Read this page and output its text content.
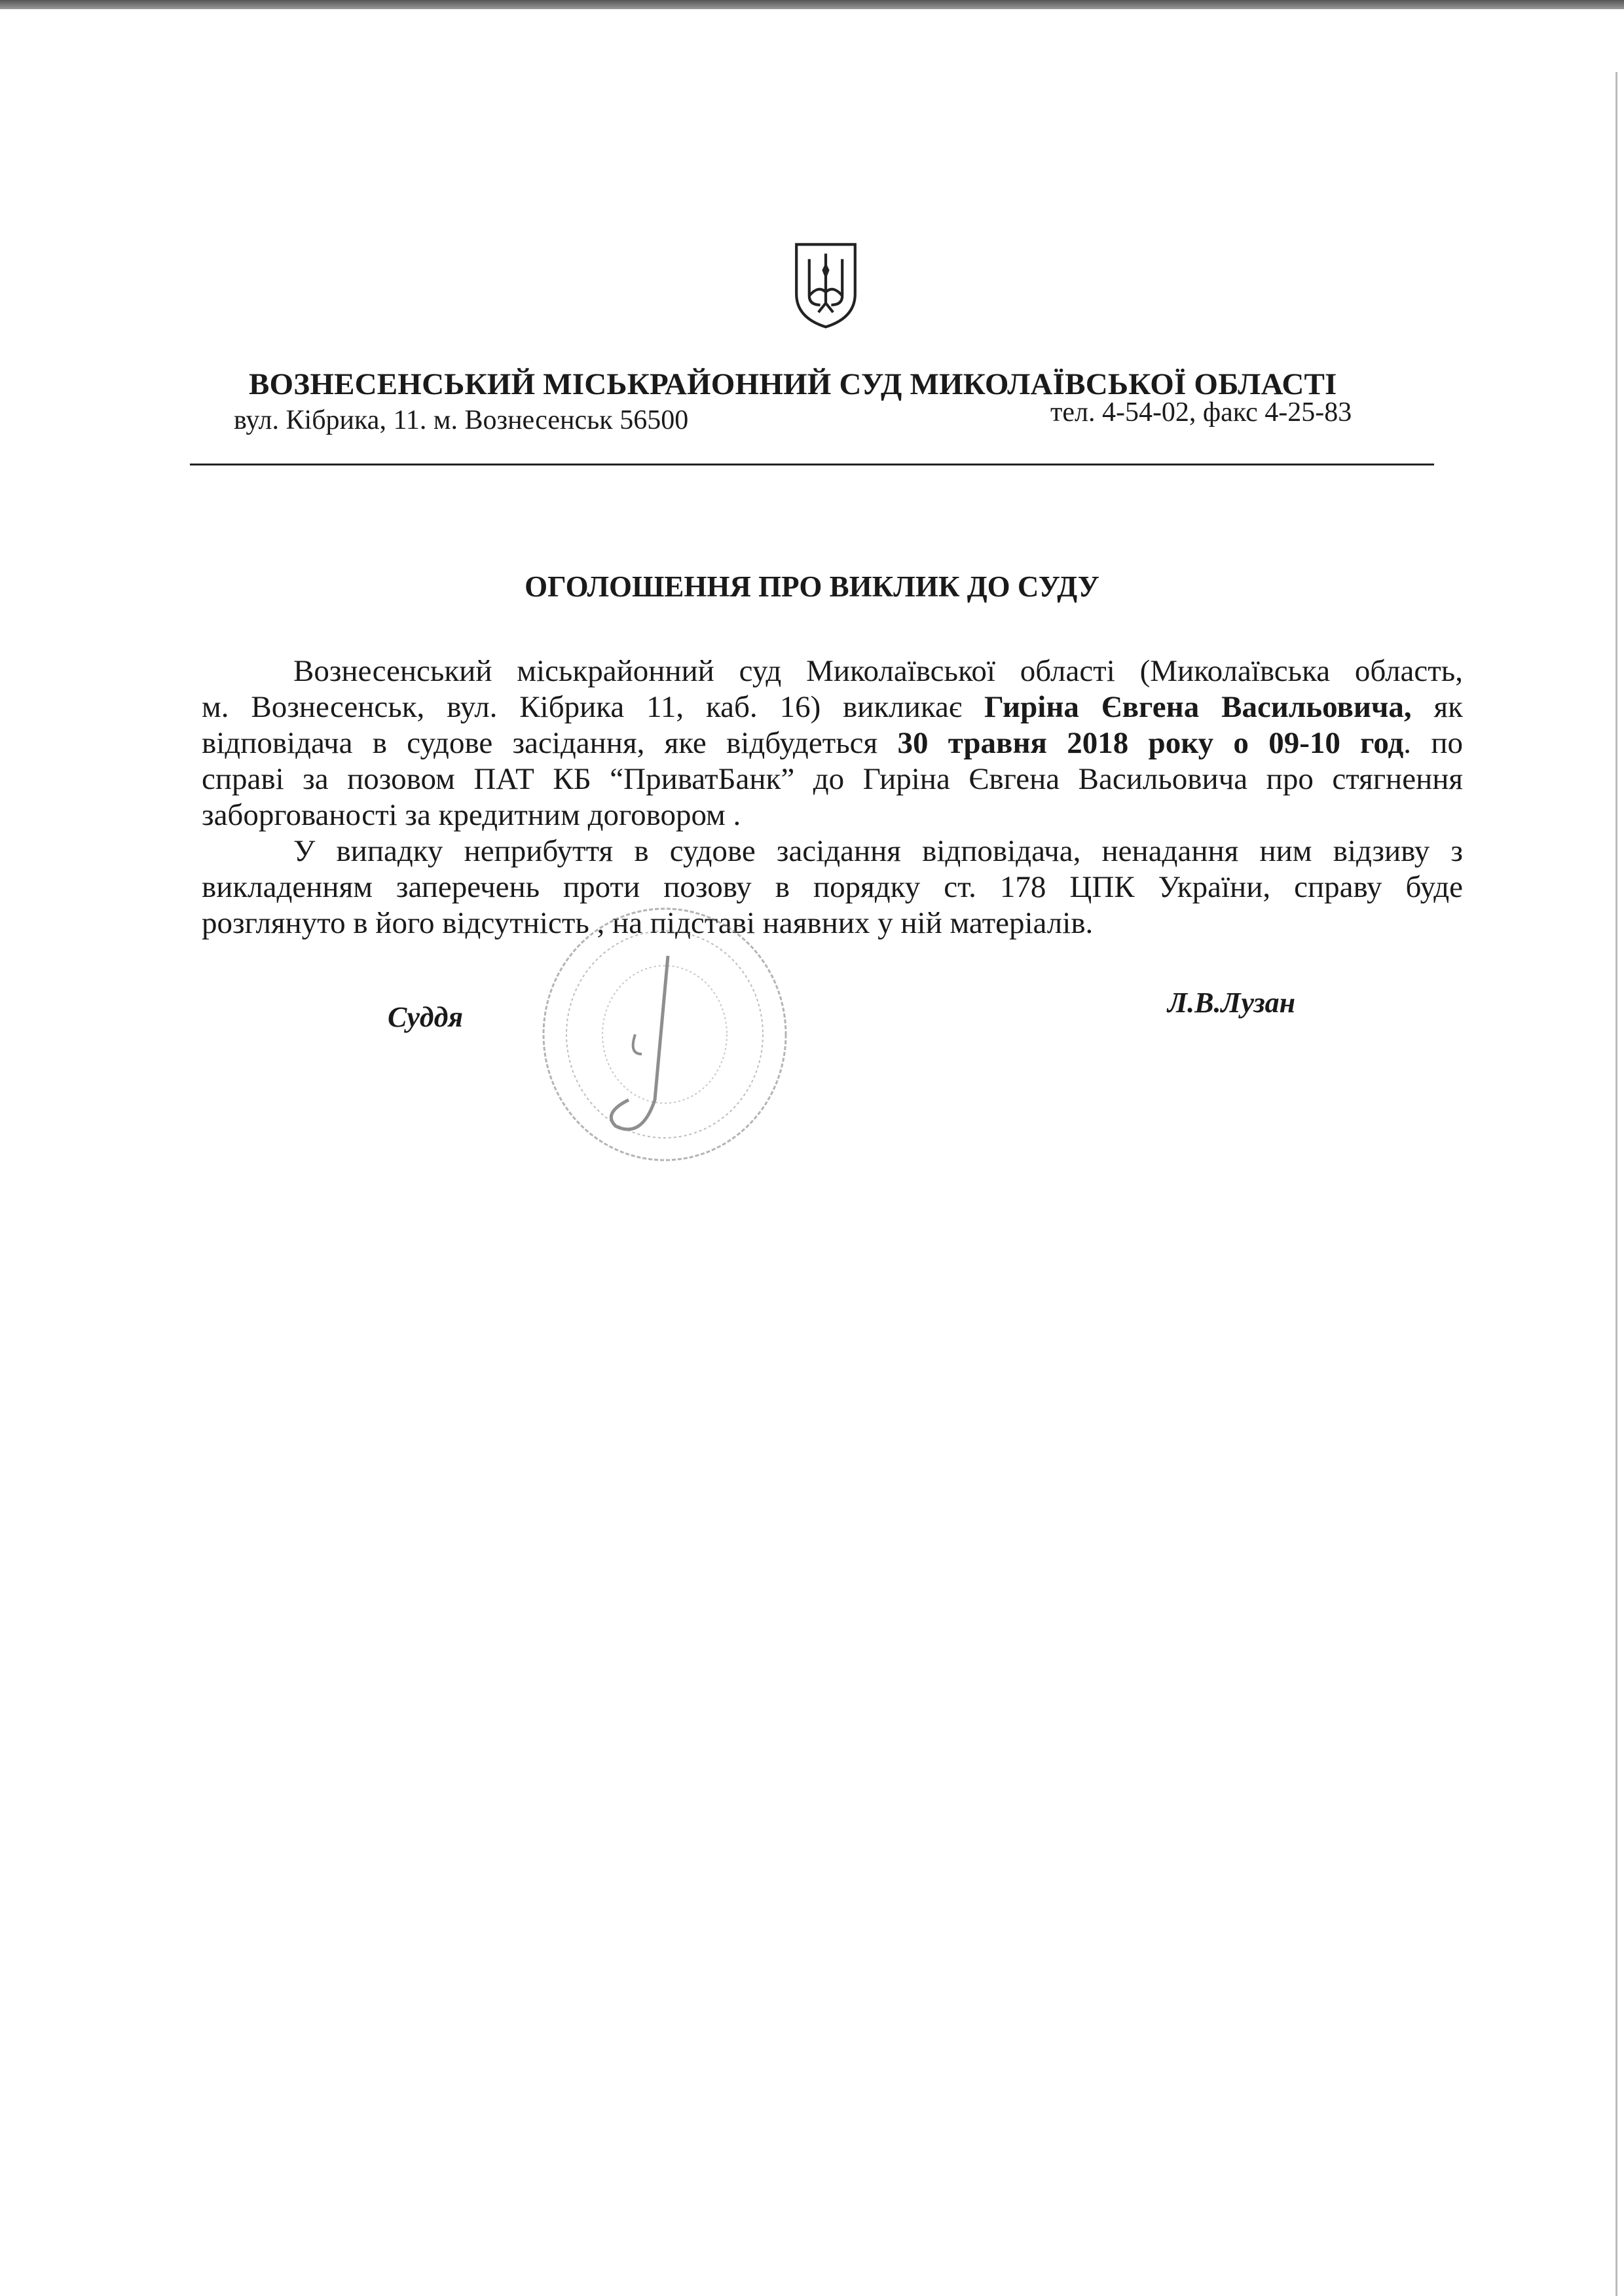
ВОЗНЕСЕНСЬКИЙ МІСЬКРАЙОННИЙ СУД МИКОЛАЇВСЬКОЇ ОБЛАСТІ
вул. Кібрика, 11. м. Вознесенськ 56500	тел. 4-54-02, факс 4-25-83
ОГОЛОШЕННЯ ПРО ВИКЛИК ДО СУДУ
Вознесенський міськрайонний суд Миколаївської області (Миколаївська область,
м. Вознесенськ, вул. Кібрика 11, каб. 16) викликає Гиріна Євгена Васильовича, як
відповідача в судове засідання, яке відбудеться 30 травня 2018 року о 09-10 год. по
справі за позовом ПАТ КБ “ПриватБанк” до Гиріна Євгена Васильовича про стягнення
заборгованості за кредитним договором .
У випадку неприбуття в судове засідання відповідача, ненадання ним відзиву з
викладенням заперечень проти позову в порядку ст. 178 ЦПК України, справу буде
розглянуто в його відсутність , на підставі наявних у ній матеріалів.
Суддя	Л.В.Лузан
